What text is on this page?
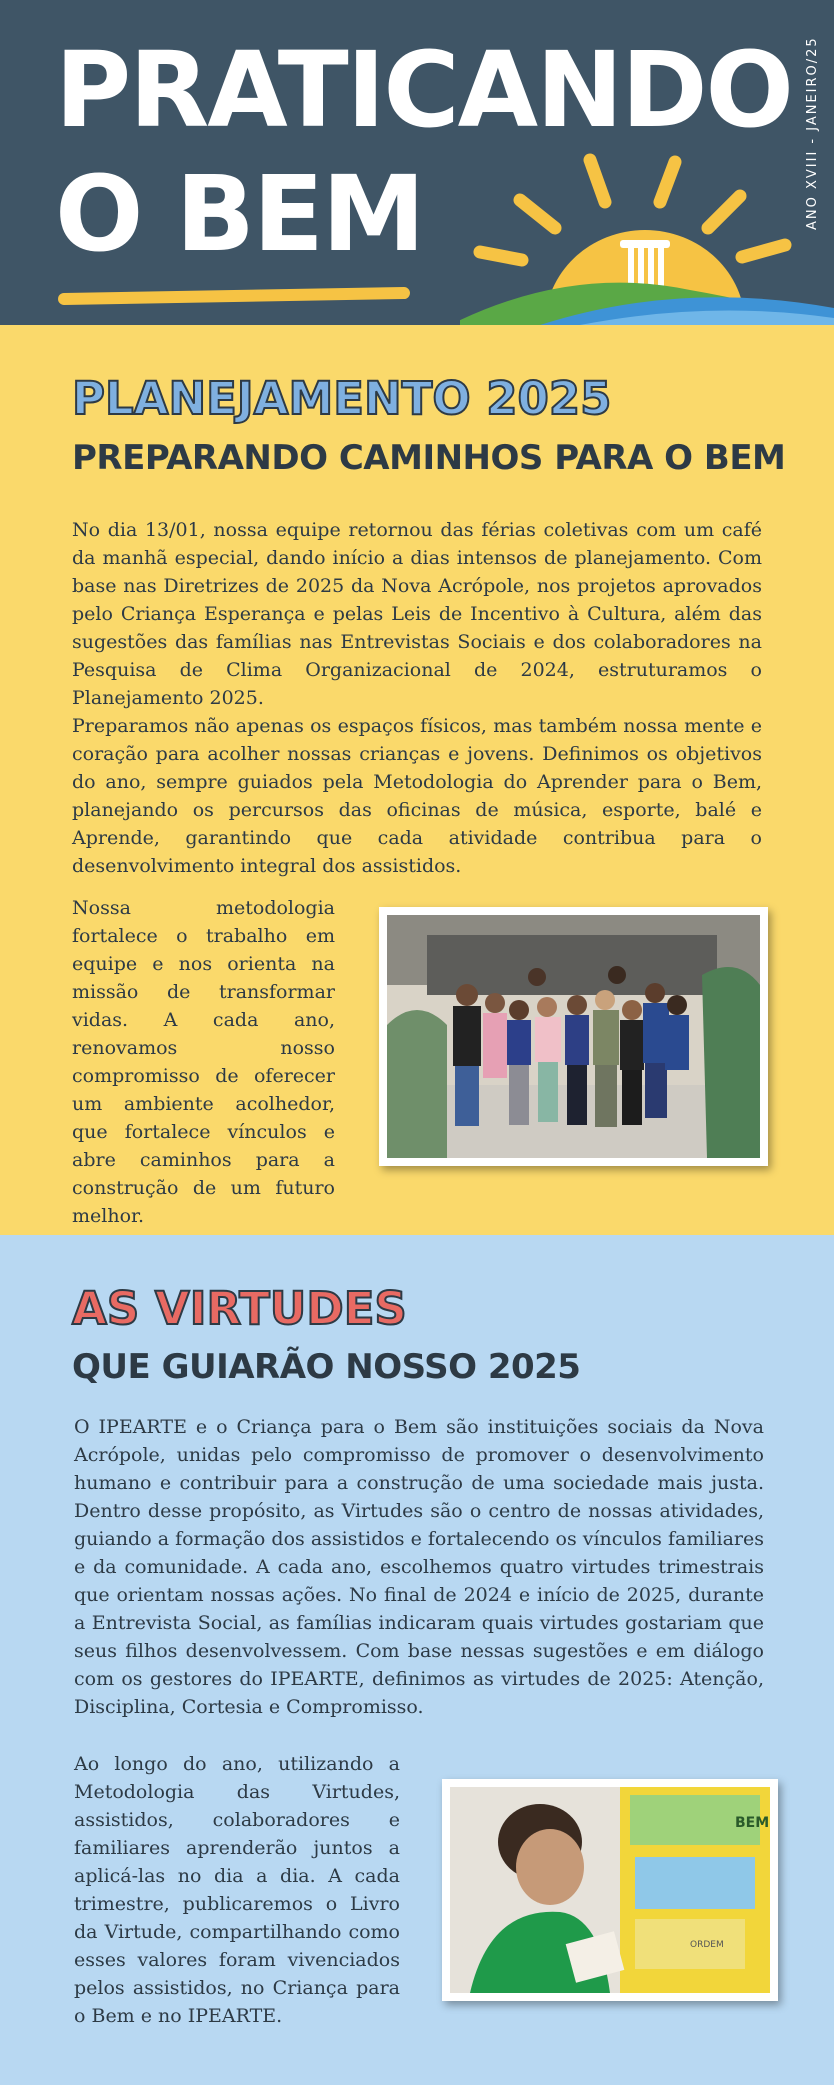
PRATICANDO
O BEM	ANO XVIII - JANEIRO/25
PLANEJAMENTO 2025
PREPARANDO CAMINHOS PARA O BEM

No dia 13/01, nossa equipe retornou das férias coletivas com um café da manhã especial, dando início a dias intensos de planejamento. Com base nas Diretrizes de 2025 da Nova Acrópole, nos projetos aprovados pelo Criança Esperança e pelas Leis de Incentivo à Cultura, além das sugestões das famílias nas Entrevistas Sociais e dos colaboradores na Pesquisa de Clima Organizacional de 2024, estruturamos o Planejamento 2025.

Preparamos não apenas os espaços físicos, mas também nossa mente e coração para acolher nossas crianças e jovens. Definimos os objetivos do ano, sempre guiados pela Metodologia do Aprender para o Bem, planejando os percursos das oficinas de música, esporte, balé e Aprende, garantindo que cada atividade contribua para o desenvolvimento integral dos assistidos.

Nossa metodologia fortalece o trabalho em equipe e nos orienta na missão de transformar vidas. A cada ano, renovamos nosso compromisso de oferecer um ambiente acolhedor, que fortalece vínculos e abre caminhos para a construção de um futuro melhor.

AS VIRTUDES
QUE GUIARÃO NOSSO 2025

O IPEARTE e o Criança para o Bem são instituições sociais da Nova Acrópole, unidas pelo compromisso de promover o desenvolvimento humano e contribuir para a construção de uma sociedade mais justa. Dentro desse propósito, as Virtudes são o centro de nossas atividades, guiando a formação dos assistidos e fortalecendo os vínculos familiares e da comunidade. A cada ano, escolhemos quatro virtudes trimestrais que orientam nossas ações. No final de 2024 e início de 2025, durante a Entrevista Social, as famílias indicaram quais virtudes gostariam que seus filhos desenvolvessem. Com base nessas sugestões e em diálogo com os gestores do IPEARTE, definimos as virtudes de 2025: Atenção, Disciplina, Cortesia e Compromisso.

Ao longo do ano, utilizando a Metodologia das Virtudes, assistidos, colaboradores e familiares aprenderão juntos a aplicá-las no dia a dia. A cada trimestre, publicaremos o Livro da Virtude, compartilhando como esses valores foram vivenciados pelos assistidos, no Criança para o Bem e no IPEARTE.

BEM
ORDEM
